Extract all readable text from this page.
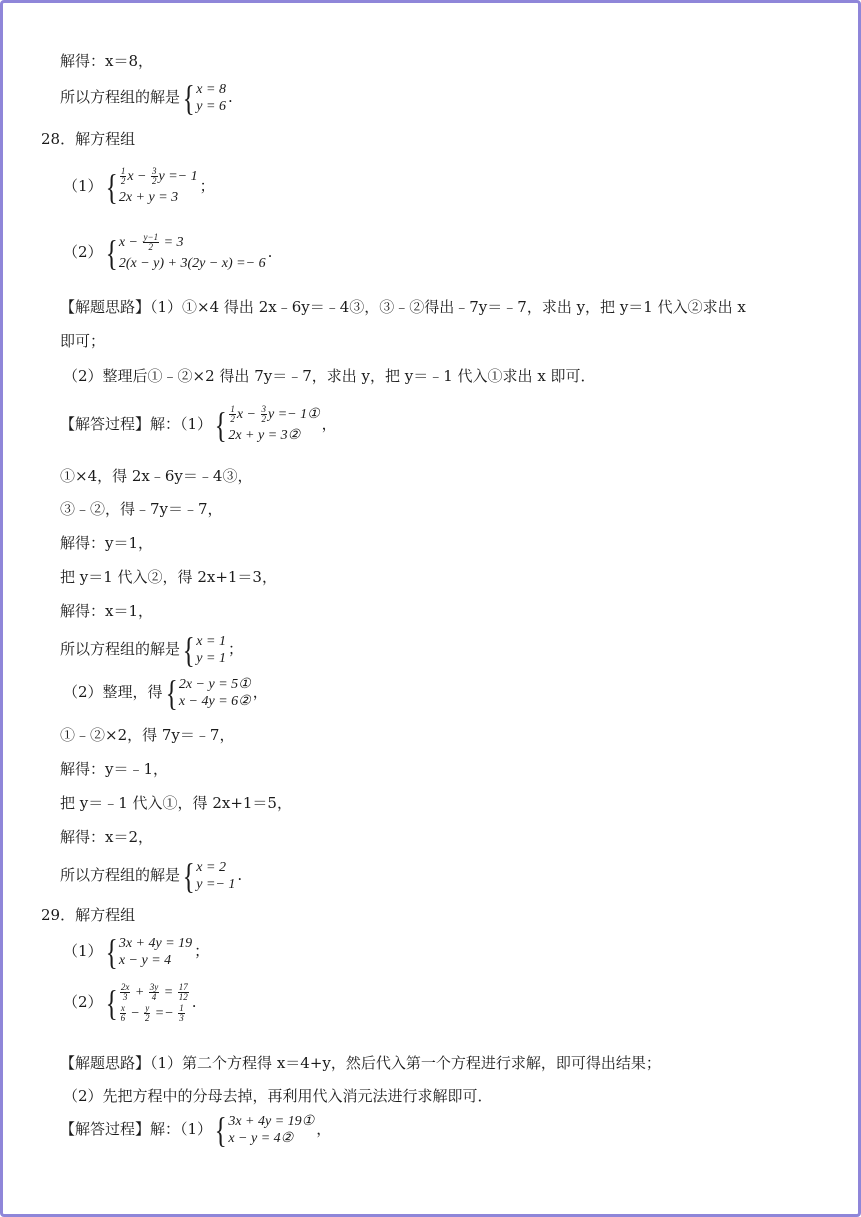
解得：x＝8，
所以方程组的解是 { x = 8
y = 6
.
28．解方程组
（1） { $\frac{1}{2}$ $x - \frac{3}{2}$ y =− 1
2x + y = 3
；
（2） { $x - \frac{y-1}{2} = 3$
2(x − y) + 3(2y − x) =− 6
.
【解题思路】（1）①×4 得出 2x﹣6y＝﹣4③，③﹣②得出﹣7y＝﹣7，求出 y，把 y＝1 代入②求出 x
即可；
（2）整理后①﹣②×2 得出 7y＝﹣7，求出 y，把 y＝﹣1 代入①求出 x 即可．
【解答过程】解：（1） { $\frac{1}{2}$ $x - \frac{3}{2}$ y =− 1①
2x + y = 3②
，
①×4，得 2x﹣6y＝﹣4③，
③﹣②，得﹣7y＝﹣7，
解得：y＝1，
把 y＝1 代入②，得 2x+1＝3，
解得：x＝1，
所以方程组的解是 { x = 1
y = 1
；
（2）整理，得 { 2x − y = 5①
x − 4y = 6②
，
①﹣②×2，得 7y＝﹣7，
解得：y＝﹣1，
把 y＝﹣1 代入①，得 2x+1＝5，
解得：x＝2，
所以方程组的解是 { x = 2
y =− 1
.
29．解方程组
（1） { 3x + 4y = 19
x − y = 4
；
（2） { $\frac{2x}{3} + \frac{3y}{4} = \frac{17}{12}$
$\frac{x}{6} - \frac{y}{2} =- \frac{1}{3}$
.
【解题思路】（1）第二个方程得 x＝4+y，然后代入第一个方程进行求解，即可得出结果；
（2）先把方程中的分母去掉，再利用代入消元法进行求解即可．
【解答过程】解：（1） { 3x + 4y = 19①
x − y = 4②
，
